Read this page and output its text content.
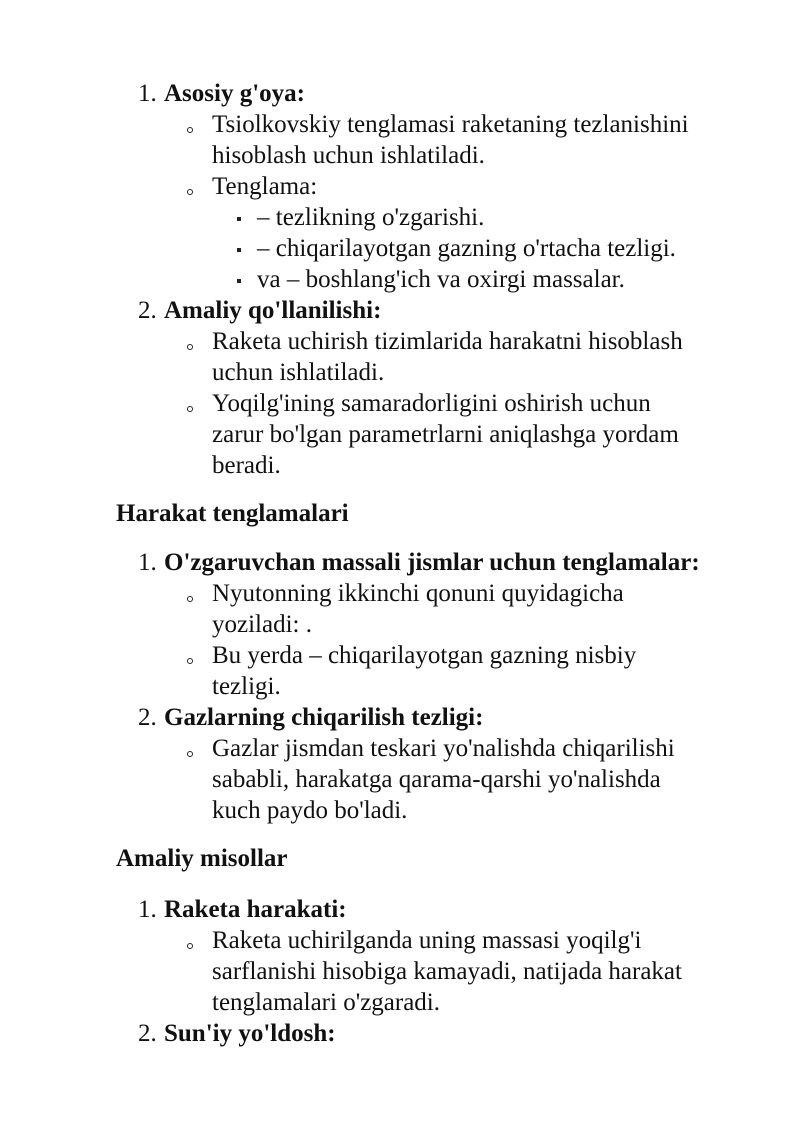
1. Asosiy g'oya:
Tsiolkovskiy tenglamasi raketaning tezlanishini
hisoblash uchun ishlatiladi.
Tenglama:
– tezlikning o'zgarishi.
– chiqarilayotgan gazning o'rtacha tezligi.
va – boshlang'ich va oxirgi massalar.
2. Amaliy qo'llanilishi:
Raketa uchirish tizimlarida harakatni hisoblash
uchun ishlatiladi.
Yoqilg'ining samaradorligini oshirish uchun
zarur bo'lgan parametrlarni aniqlashga yordam
beradi.
Harakat tenglamalari
1. O'zgaruvchan massali jismlar uchun tenglamalar:
Nyutonning ikkinchi qonuni quyidagicha
yoziladi: .
Bu yerda – chiqarilayotgan gazning nisbiy
tezligi.
2. Gazlarning chiqarilish tezligi:
Gazlar jismdan teskari yo'nalishda chiqarilishi
sababli, harakatga qarama-qarshi yo'nalishda
kuch paydo bo'ladi.
Amaliy misollar
1. Raketa harakati:
Raketa uchirilganda uning massasi yoqilg'i
sarflanishi hisobiga kamayadi, natijada harakat
tenglamalari o'zgaradi.
2. Sun'iy yo'ldosh:
